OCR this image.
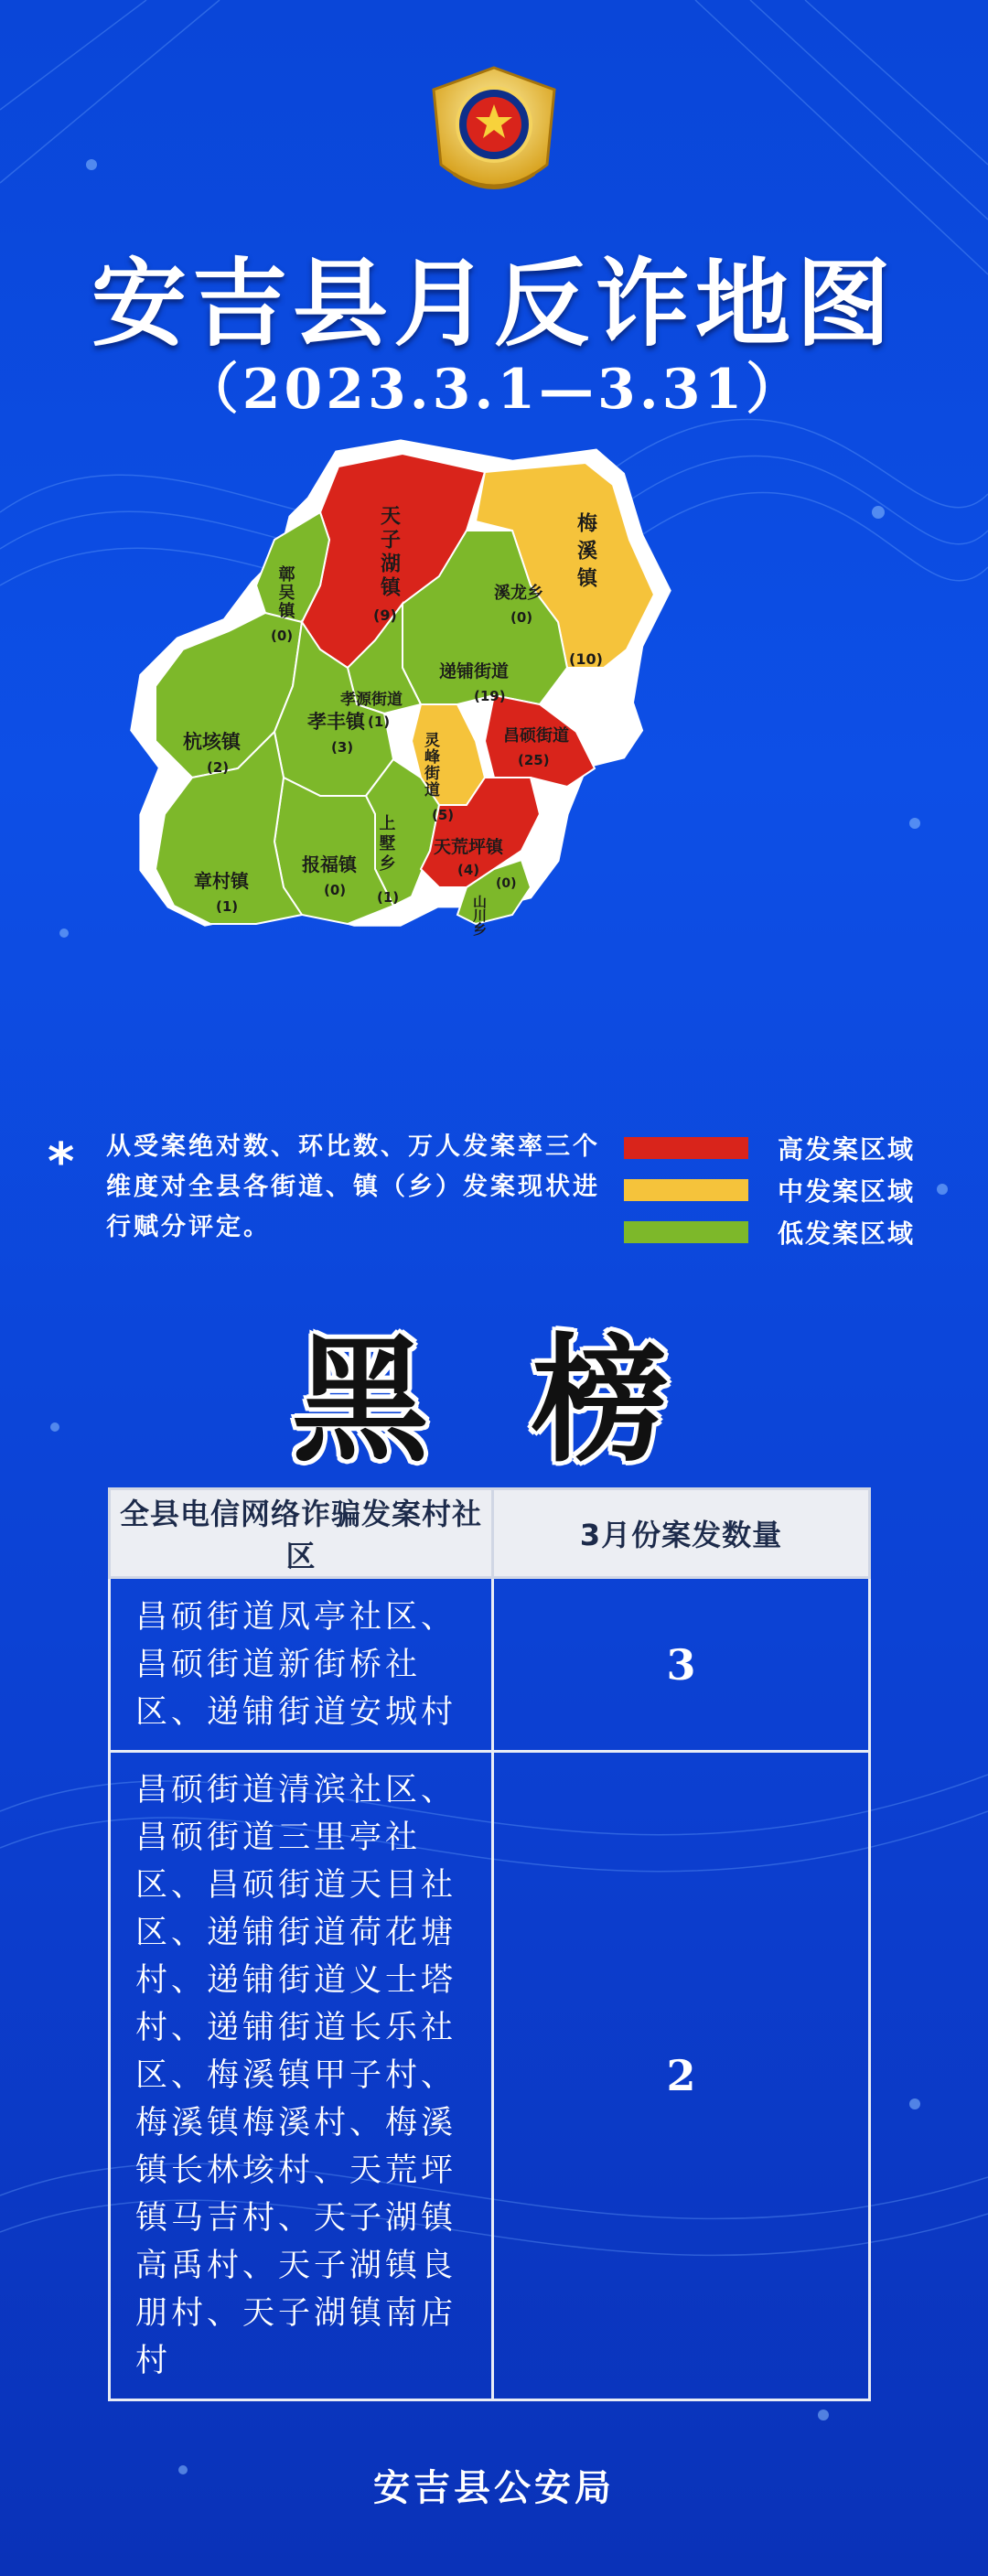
安吉县月反诈地图
（2023.3.1—3.31）
天子湖镇
(9)
鄣吴镇
(0)
梅溪镇
(10)
溪龙乡
(0)
递铺街道
(19)
孝源街道
(1)
杭垓镇
(2)
孝丰镇
(3)	灵峰街道
(5)
昌硕街道
(25)
上墅乡
(1)
天荒坪镇
(4)
报福镇
(0)
章村镇
(1)	山川乡
(0)
* 从受案绝对数、环比数、万人发案率三个维度对全县各街道、镇（乡）发案现状进行赋分评定。
高发案区域
中发案区域
低发案区域
黑 榜
全县电信网络诈骗发案村社区	3月份案发数量

昌硕街道凤亭社区、昌硕街道新街桥社区、递铺街道安城村	3

昌硕街道清滨社区、昌硕街道三里亭社区、昌硕街道天目社区、递铺街道荷花塘村、递铺街道义士塔村、递铺街道长乐社区、梅溪镇甲子村、梅溪镇梅溪村、梅溪镇长林垓村、天荒坪镇马吉村、天子湖镇高禹村、天子湖镇良朋村、天子湖镇南店村	2
安吉县公安局
